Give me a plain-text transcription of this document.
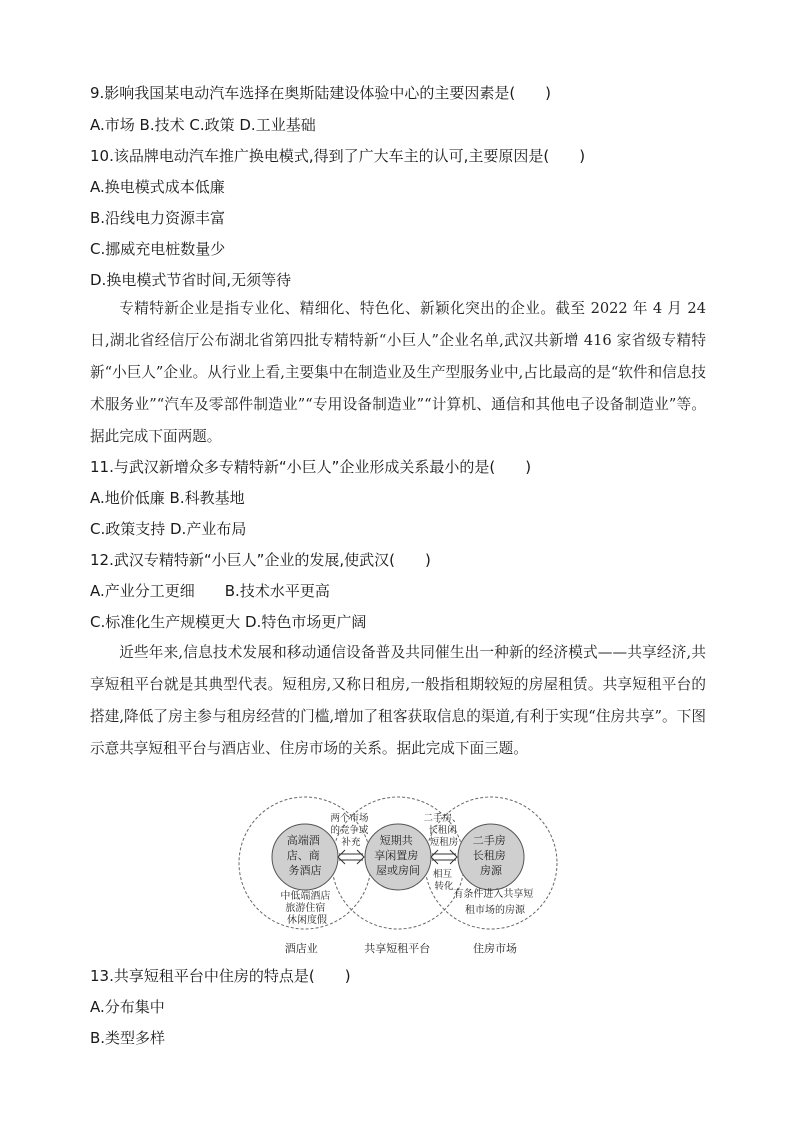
9.影响我国某电动汽车选择在奥斯陆建设体验中心的主要因素是(　　)
A.市场 B.技术 C.政策 D.工业基础
10.该品牌电动汽车推广换电模式,得到了广大车主的认可,主要原因是(　　)
A.换电模式成本低廉
B.沿线电力资源丰富
C.挪威充电桩数量少
D.换电模式节省时间,无须等待
专精特新企业是指专业化、精细化、特色化、新颖化突出的企业。截至 2022 年 4 月 24 日,湖北省经信厅公布湖北省第四批专精特新“小巨人”企业名单,武汉共新增 416 家省级专精特新“小巨人”企业。从行业上看,主要集中在制造业及生产型服务业中,占比最高的是“软件和信息技术服务业”“汽车及零部件制造业”“专用设备制造业”“计算机、通信和其他电子设备制造业”等。据此完成下面两题。
11.与武汉新增众多专精特新“小巨人”企业形成关系最小的是(　　)
A.地价低廉 B.科教基地
C.政策支持 D.产业布局
12.武汉专精特新“小巨人”企业的发展,使武汉(　　)
A.产业分工更细　　B.技术水平更高
C.标准化生产规模更大 D.特色市场更广阔
近些年来,信息技术发展和移动通信设备普及共同催生出一种新的经济模式——共享经济,共享短租平台就是其典型代表。短租房,又称日租房,一般指租期较短的房屋租赁。共享短租平台的搭建,降低了房主参与租房经营的门槛,增加了租客获取信息的渠道,有利于实现“住房共享”。下图示意共享短租平台与酒店业、住房市场的关系。据此完成下面三题。
高端酒 店、商 务酒店
短期共 享闲置房 屋或房间
二手房 长租房 房源
两个市场 的竞争或 补充
二手房、 长租闲 短租房
相互 转化
中低端酒店 旅游住宿 休闲度假
有条件进入共享短 租市场的房源
酒店业	共享短租平台	住房市场
13.共享短租平台中住房的特点是(　　)
A.分布集中
B.类型多样
